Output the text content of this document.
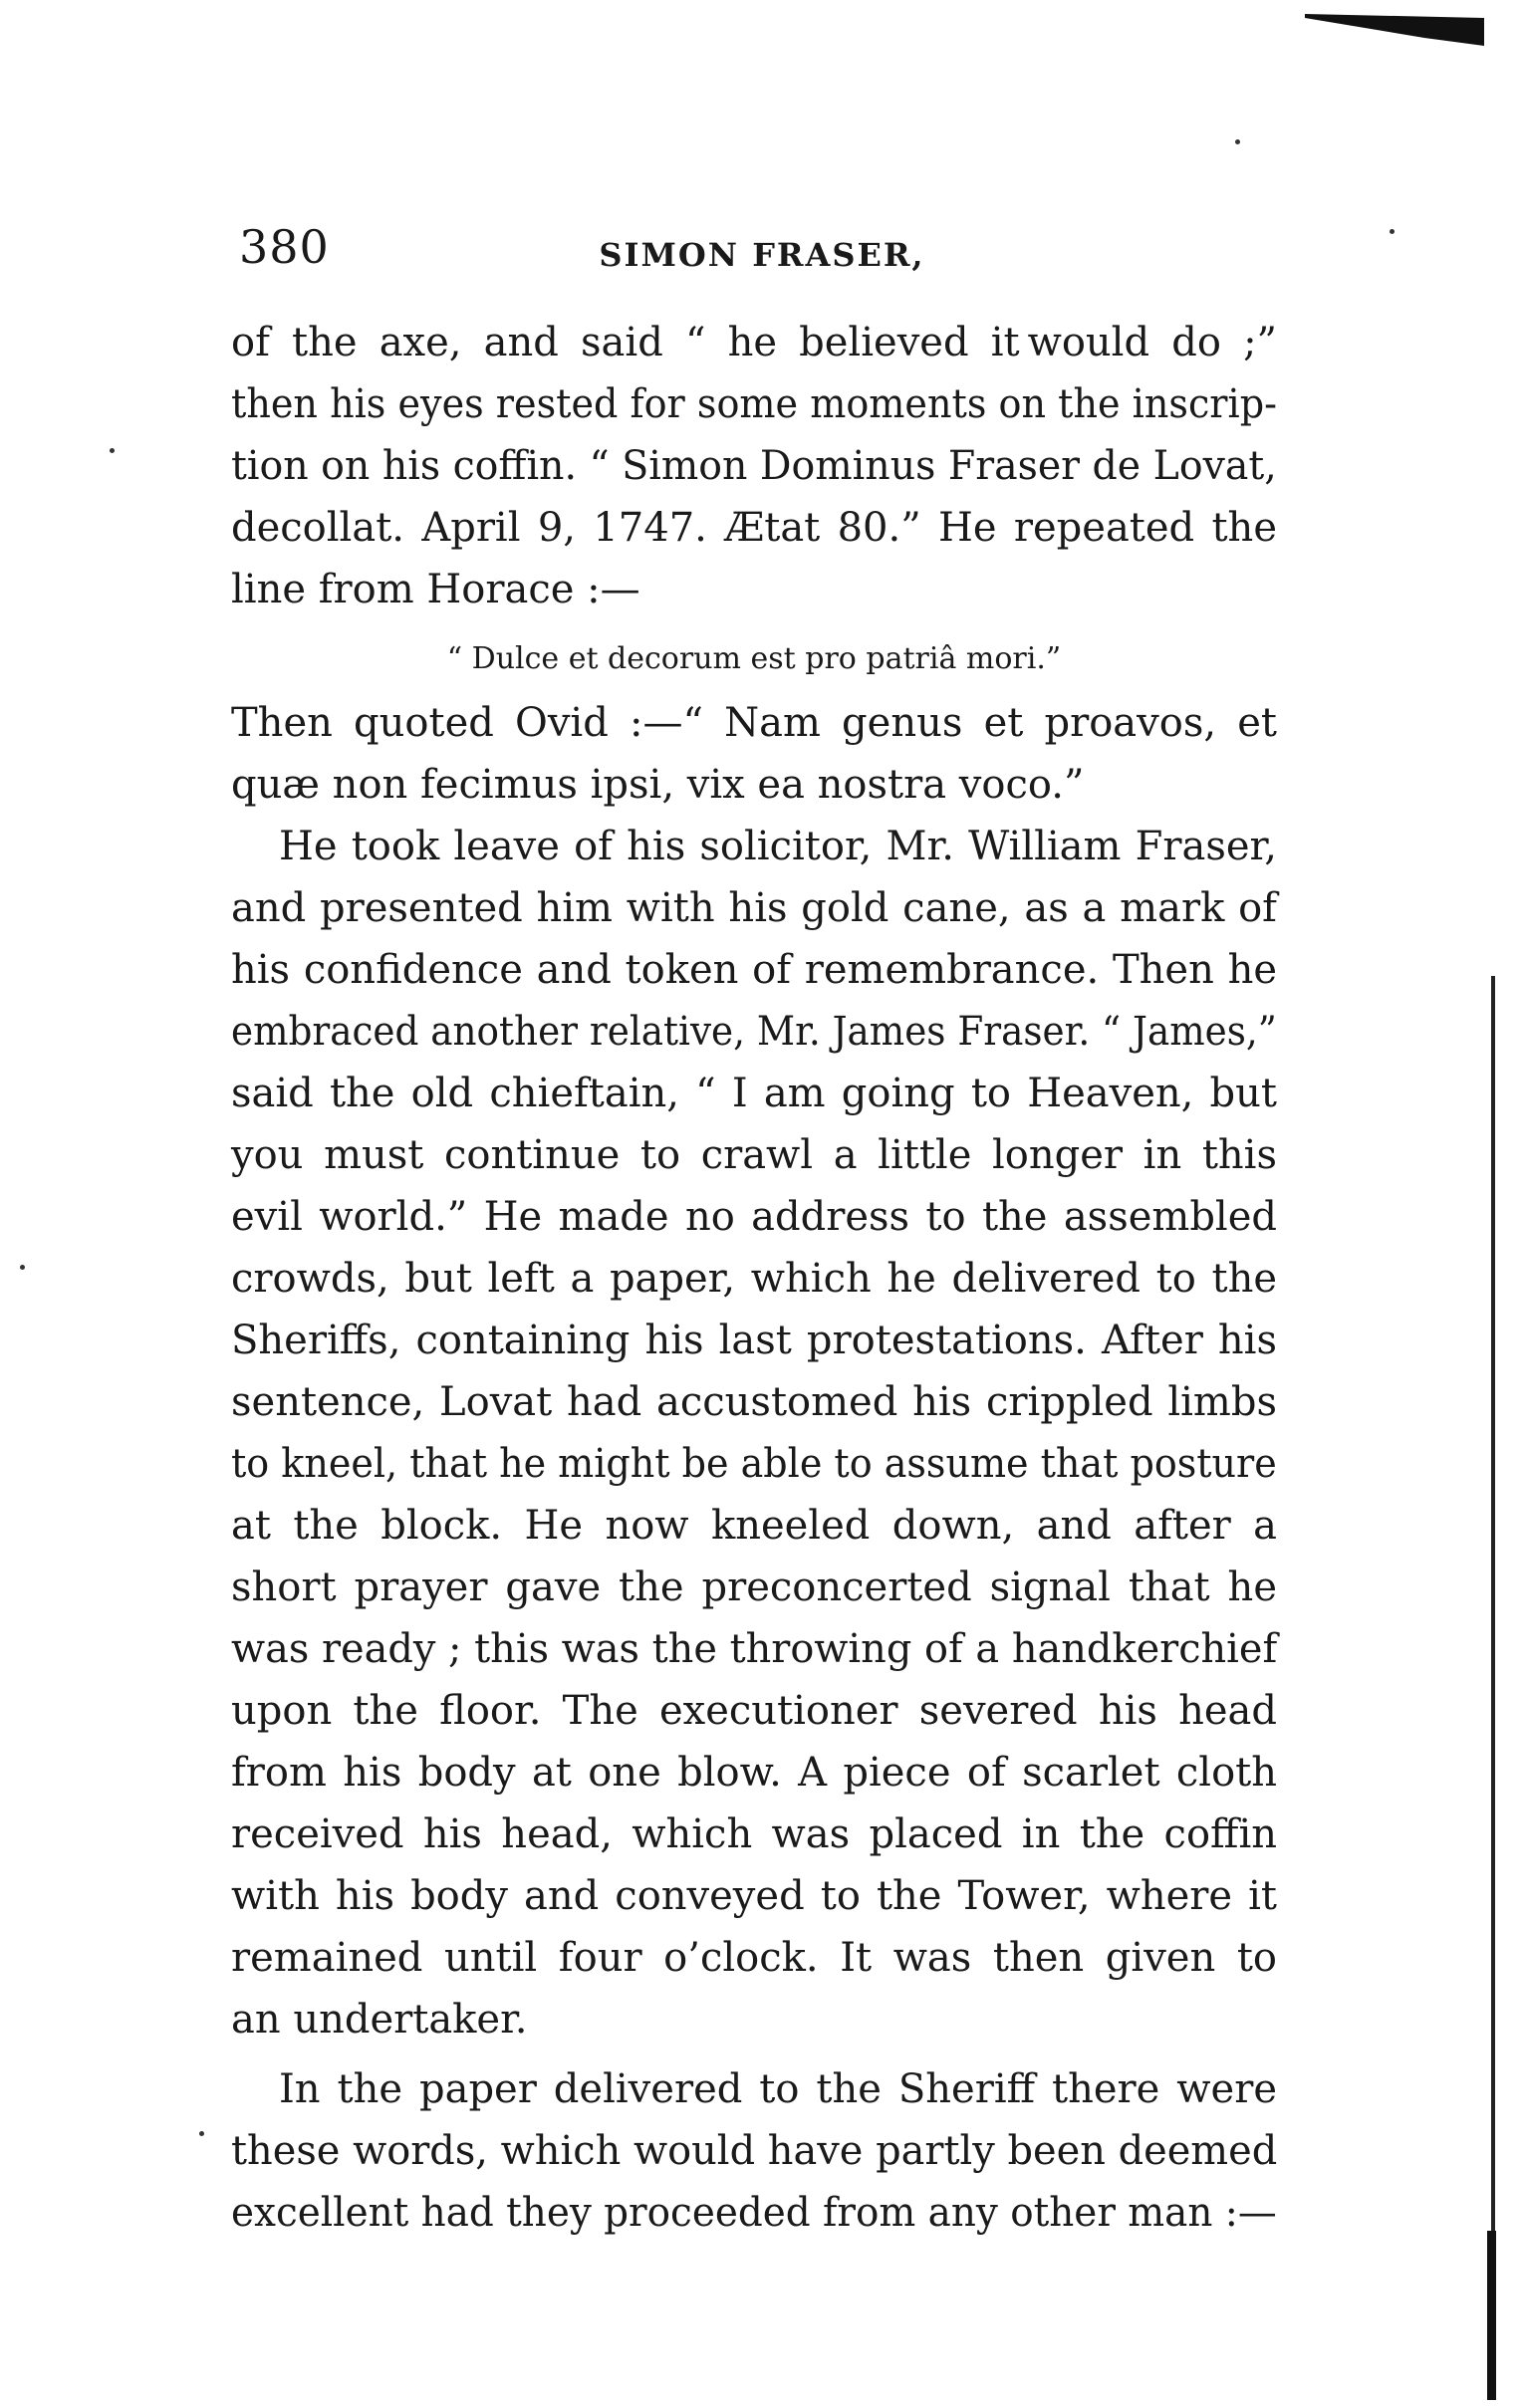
380	SIMON FRASER,
of the axe, and said “ he believed it would do ;”
then his eyes rested for some moments on the inscrip-
tion on his coffin. “ Simon Dominus Fraser de Lovat,
decollat. April 9, 1747. Ætat 80.” He repeated the
line from Horace :—
“ Dulce et decorum est pro patriâ mori.”
Then quoted Ovid :—“ Nam genus et proavos, et
quæ non fecimus ipsi, vix ea nostra voco.”
He took leave of his solicitor, Mr. William Fraser,
and presented him with his gold cane, as a mark of
his confidence and token of remembrance. Then he
embraced another relative, Mr. James Fraser. “ James,”
said the old chieftain, “ I am going to Heaven, but
you must continue to crawl a little longer in this
evil world.” He made no address to the assembled
crowds, but left a paper, which he delivered to the
Sheriffs, containing his last protestations. After his
sentence, Lovat had accustomed his crippled limbs
to kneel, that he might be able to assume that posture
at the block. He now kneeled down, and after a
short prayer gave the preconcerted signal that he
was ready ; this was the throwing of a handkerchief
upon the floor. The executioner severed his head
from his body at one blow. A piece of scarlet cloth
received his head, which was placed in the coffin
with his body and conveyed to the Tower, where it
remained until four o’clock. It was then given to
an undertaker.
In the paper delivered to the Sheriff there were
these words, which would have partly been deemed
excellent had they proceeded from any other man :—
